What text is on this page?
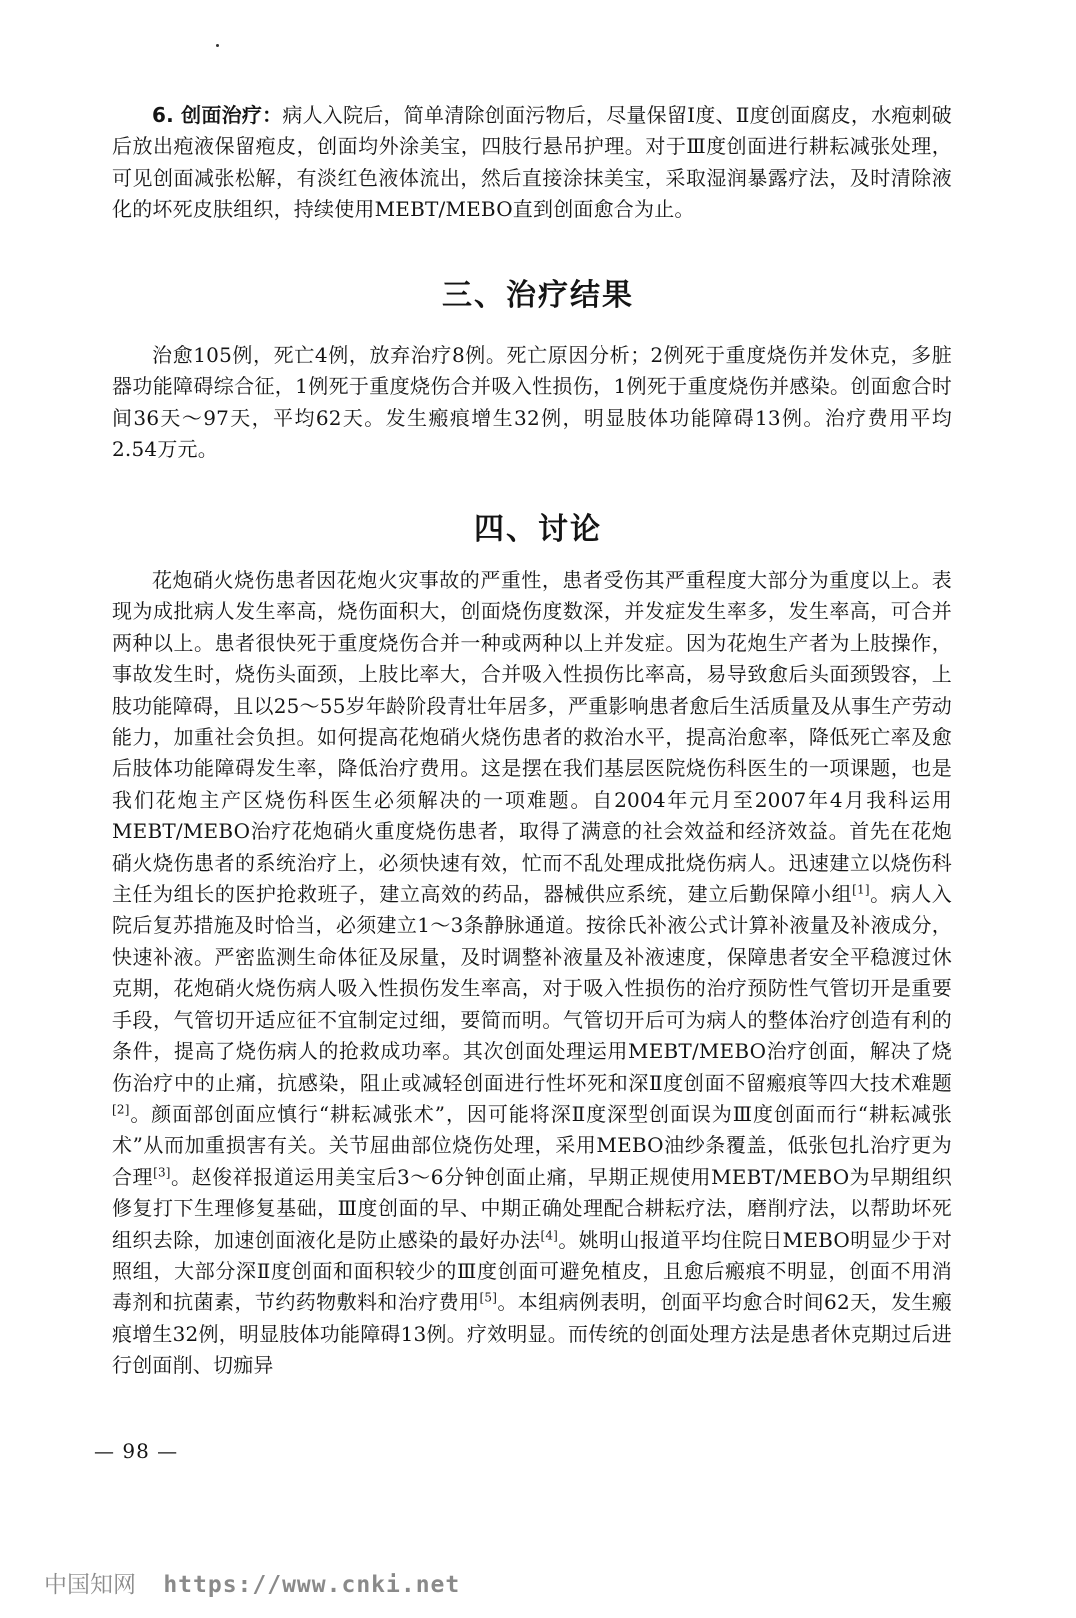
6. 创面治疗：病人入院后，简单清除创面污物后，尽量保留Ⅰ度、Ⅱ度创面腐皮，水疱刺破后放出疱液保留疱皮，创面均外涂美宝，四肢行悬吊护理。对于Ⅲ度创面进行耕耘减张处理，可见创面减张松解，有淡红色液体流出，然后直接涂抹美宝，采取湿润暴露疗法，及时清除液化的坏死皮肤组织，持续使用MEBT/MEBO直到创面愈合为止。

三、治疗结果

治愈105例，死亡4例，放弃治疗8例。死亡原因分析；2例死于重度烧伤并发休克，多脏器功能障碍综合征，1例死于重度烧伤合并吸入性损伤，1例死于重度烧伤并感染。创面愈合时间36天～97天，平均62天。发生瘢痕增生32例，明显肢体功能障碍13例。治疗费用平均2.54万元。

四、讨论

花炮硝火烧伤患者因花炮火灾事故的严重性，患者受伤其严重程度大部分为重度以上。表现为成批病人发生率高，烧伤面积大，创面烧伤度数深，并发症发生率多，发生率高，可合并两种以上。患者很快死于重度烧伤合并一种或两种以上并发症。因为花炮生产者为上肢操作，事故发生时，烧伤头面颈，上肢比率大，合并吸入性损伤比率高，易导致愈后头面颈毁容，上肢功能障碍，且以25～55岁年龄阶段青壮年居多，严重影响患者愈后生活质量及从事生产劳动能力，加重社会负担。如何提高花炮硝火烧伤患者的救治水平，提高治愈率，降低死亡率及愈后肢体功能障碍发生率，降低治疗费用。这是摆在我们基层医院烧伤科医生的一项课题，也是我们花炮主产区烧伤科医生必须解决的一项难题。自2004年元月至2007年4月我科运用MEBT/MEBO治疗花炮硝火重度烧伤患者，取得了满意的社会效益和经济效益。首先在花炮硝火烧伤患者的系统治疗上，必须快速有效，忙而不乱处理成批烧伤病人。迅速建立以烧伤科主任为组长的医护抢救班子，建立高效的药品，器械供应系统，建立后勤保障小组[1]。病人入院后复苏措施及时恰当，必须建立1～3条静脉通道。按徐氏补液公式计算补液量及补液成分，快速补液。严密监测生命体征及尿量，及时调整补液量及补液速度，保障患者安全平稳渡过休克期，花炮硝火烧伤病人吸入性损伤发生率高，对于吸入性损伤的治疗预防性气管切开是重要手段，气管切开适应征不宜制定过细，要简而明。气管切开后可为病人的整体治疗创造有利的条件，提高了烧伤病人的抢救成功率。其次创面处理运用MEBT/MEBO治疗创面，解决了烧伤治疗中的止痛，抗感染，阻止或减轻创面进行性坏死和深Ⅱ度创面不留瘢痕等四大技术难题[2]。颜面部创面应慎行“耕耘减张术”，因可能将深Ⅱ度深型创面误为Ⅲ度创面而行“耕耘减张术”从而加重损害有关。关节屈曲部位烧伤处理，采用MEBO油纱条覆盖，低张包扎治疗更为合理[3]。赵俊祥报道运用美宝后3～6分钟创面止痛，早期正规使用MEBT/MEBO为早期组织修复打下生理修复基础，Ⅲ度创面的早、中期正确处理配合耕耘疗法，磨削疗法，以帮助坏死组织去除，加速创面液化是防止感染的最好办法[4]。姚明山报道平均住院日MEBO明显少于对照组，大部分深Ⅱ度创面和面积较少的Ⅲ度创面可避免植皮，且愈后瘢痕不明显，创面不用消毒剂和抗菌素，节约药物敷料和治疗费用[5]。本组病例表明，创面平均愈合时间62天，发生瘢痕增生32例，明显肢体功能障碍13例。疗效明显。而传统的创面处理方法是患者休克期过后进行创面削、切痂异

— 98 —
中国知网 https://www.cnki.net
